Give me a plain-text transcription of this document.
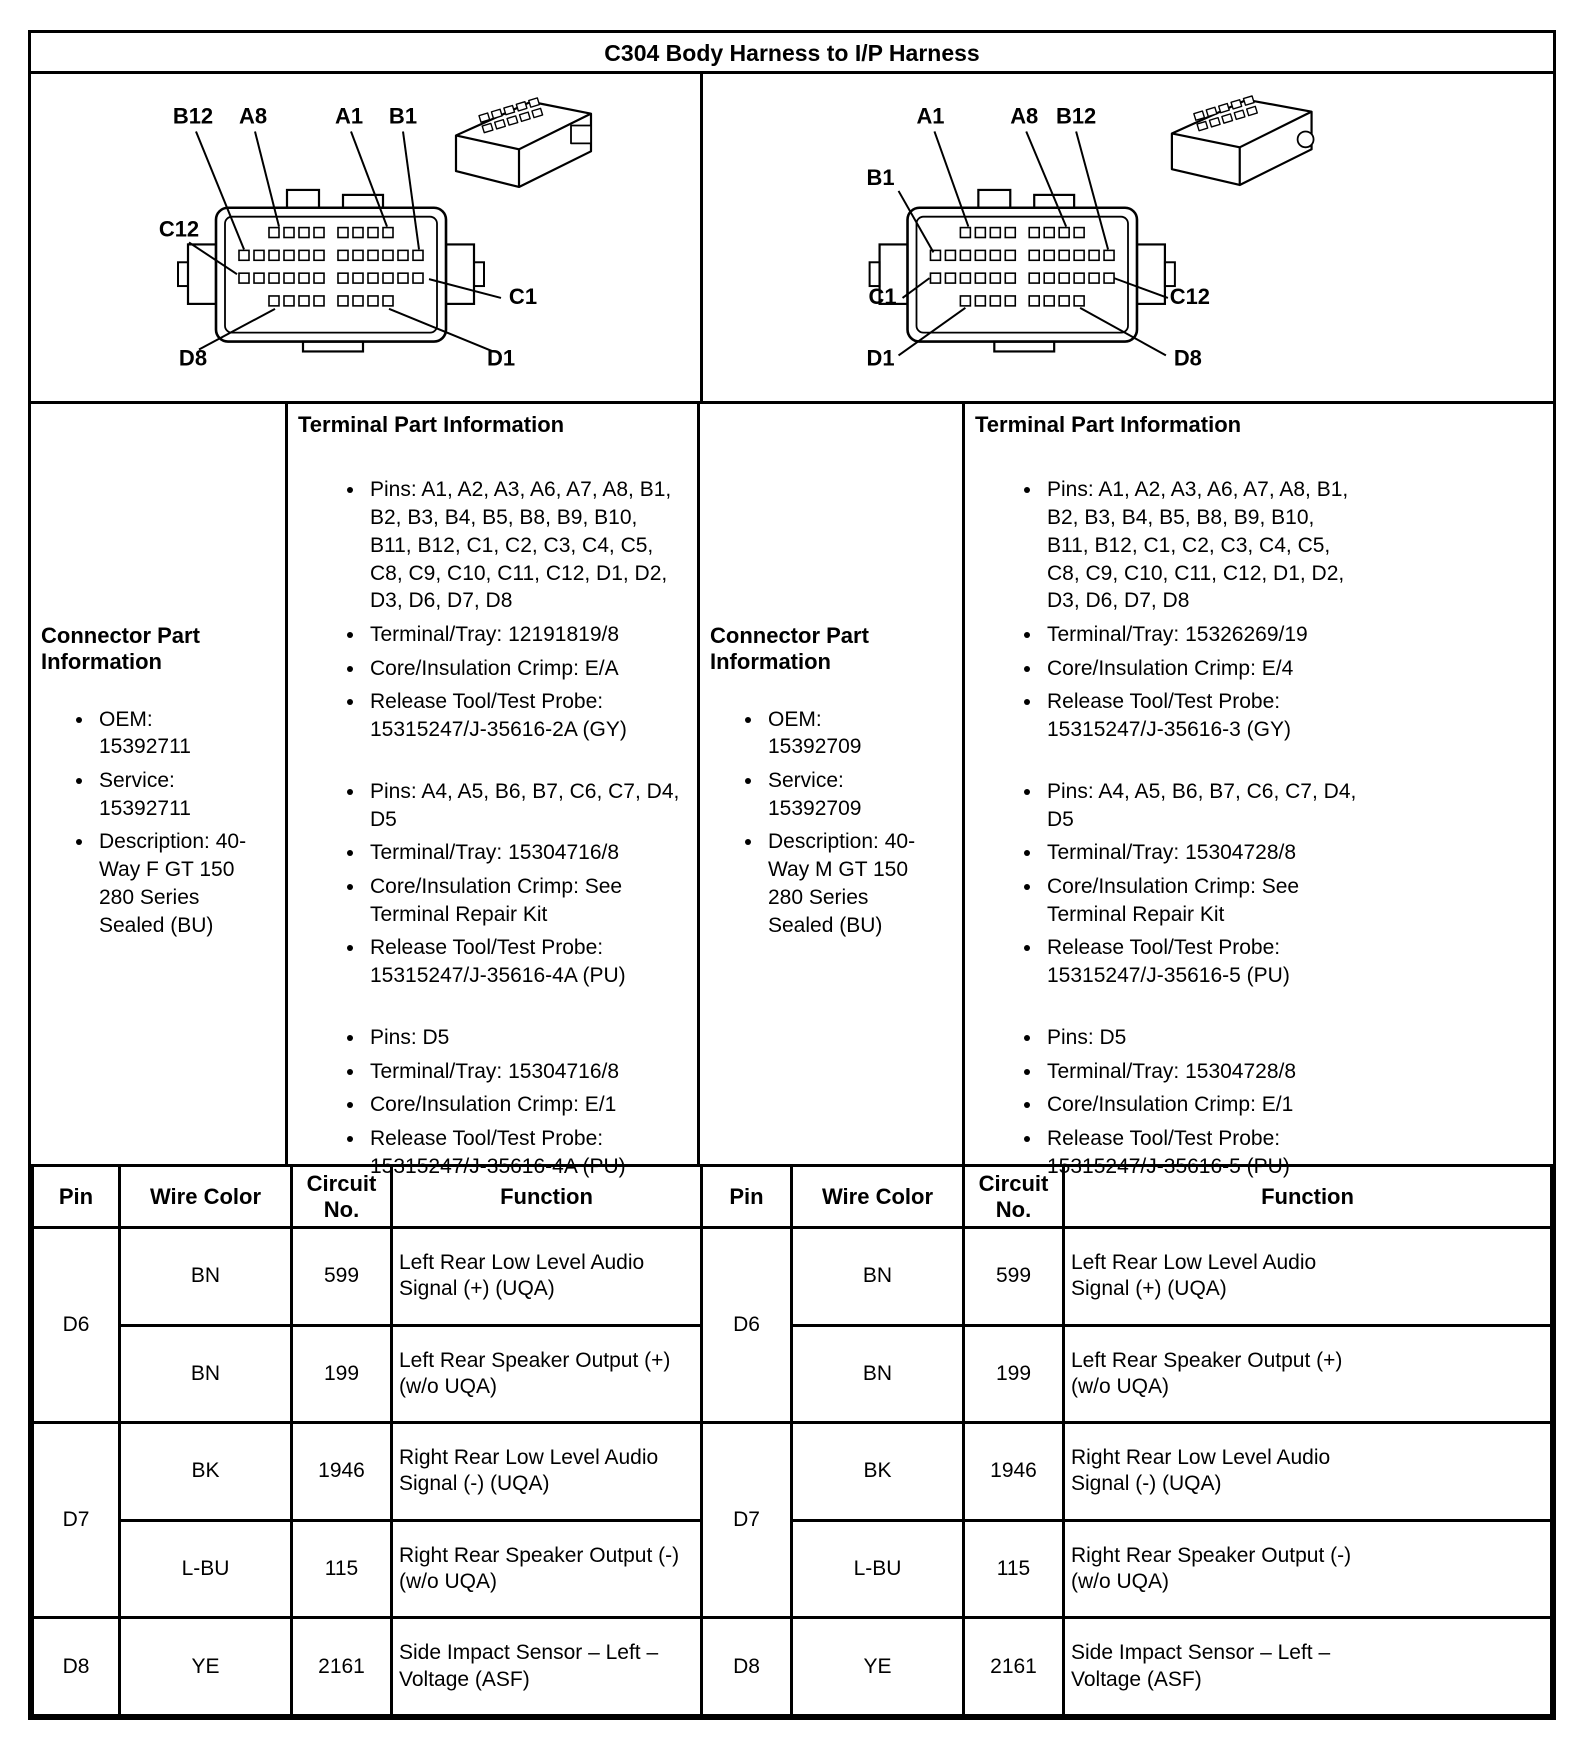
C304 Body Harness to I/P Harness
B12 A8	A1 B1
C12
C1
D8	D1
A1	A8 B12
B1
C1	C12
D1	D8
Connector Part Information
• OEM: 15392711
• Service: 15392711
• Description: 40-Way F GT 150 280 Series Sealed (BU)
Terminal Part Information
• Pins: A1, A2, A3, A6, A7, A8, B1, B2, B3, B4, B5, B8, B9, B10, B11, B12, C1, C2, C3, C4, C5, C8, C9, C10, C11, C12, D1, D2, D3, D6, D7, D8
• Terminal/Tray: 12191819/8
• Core/Insulation Crimp: E/A
• Release Tool/Test Probe: 15315247/J-35616-2A (GY)
• Pins: A4, A5, B6, B7, C6, C7, D4, D5
• Terminal/Tray: 15304716/8
• Core/Insulation Crimp: See Terminal Repair Kit
• Release Tool/Test Probe: 15315247/J-35616-4A (PU)
• Pins: D5
• Terminal/Tray: 15304716/8
• Core/Insulation Crimp: E/1
• Release Tool/Test Probe: 15315247/J-35616-4A (PU)
Connector Part Information
• OEM: 15392709
• Service: 15392709
• Description: 40-Way M GT 150 280 Series Sealed (BU)
Terminal Part Information
• Pins: A1, A2, A3, A6, A7, A8, B1, B2, B3, B4, B5, B8, B9, B10, B11, B12, C1, C2, C3, C4, C5, C8, C9, C10, C11, C12, D1, D2, D3, D6, D7, D8
• Terminal/Tray: 15326269/19
• Core/Insulation Crimp: E/4
• Release Tool/Test Probe: 15315247/J-35616-3 (GY)
• Pins: A4, A5, B6, B7, C6, C7, D4, D5
• Terminal/Tray: 15304728/8
• Core/Insulation Crimp: See Terminal Repair Kit
• Release Tool/Test Probe: 15315247/J-35616-5 (PU)
• Pins: D5
• Terminal/Tray: 15304728/8
• Core/Insulation Crimp: E/1
• Release Tool/Test Probe: 15315247/J-35616-5 (PU)
Pin	Wire Color	Circuit No.	Function	Pin	Wire Color	Circuit No.	Function
D6	BN	599	Left Rear Low Level Audio Signal (+) (UQA)	D6	BN	599	Left Rear Low Level Audio Signal (+) (UQA)

	BN	199	Left Rear Speaker Output (+) (w/o UQA)		BN	199	Left Rear Speaker Output (+) (w/o UQA)

D7	BK	1946	Right Rear Low Level Audio Signal (-) (UQA)	D7	BK	1946	Right Rear Low Level Audio Signal (-) (UQA)

	L-BU	115	Right Rear Speaker Output (-) (w/o UQA)		L-BU	115	Right Rear Speaker Output (-) (w/o UQA)

D8	YE	2161	Side Impact Sensor – Left – Voltage (ASF)	D8	YE	2161	Side Impact Sensor – Left – Voltage (ASF)
